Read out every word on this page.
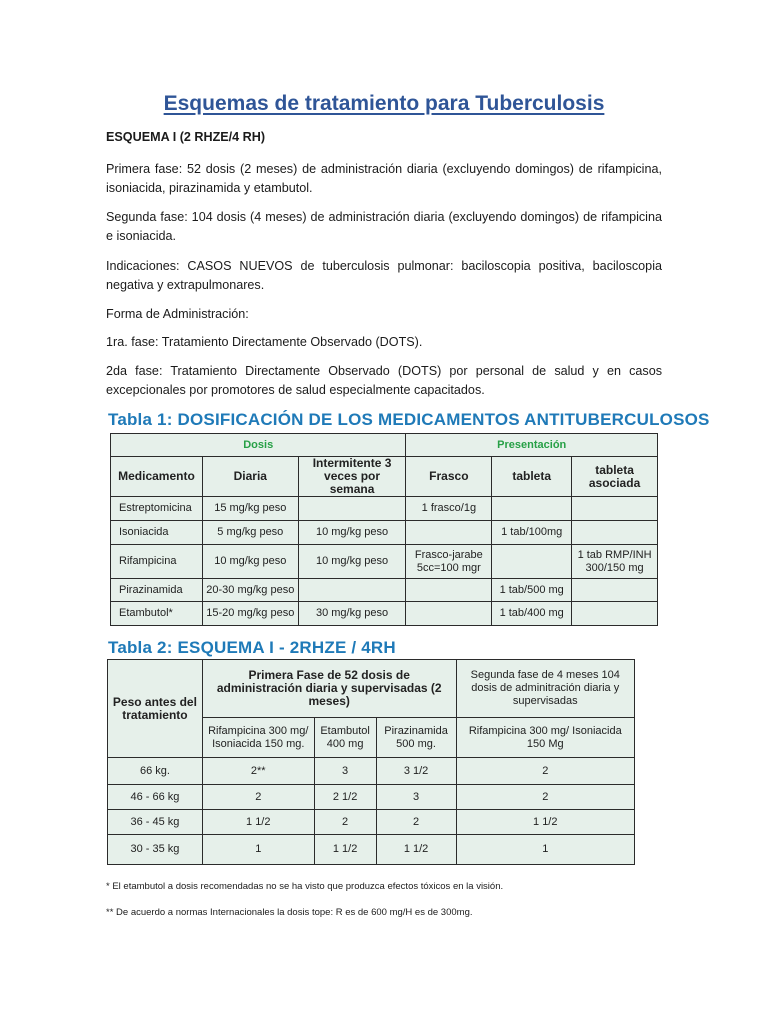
Esquemas de tratamiento para Tuberculosis

ESQUEMA I (2 RHZE/4 RH)

Primera fase: 52 dosis (2 meses) de administración diaria (excluyendo domingos) de rifampicina, isoniacida, pirazinamida y etambutol.

Segunda fase: 104 dosis (4 meses) de administración diaria (excluyendo domingos) de rifampicina e isoniacida.

Indicaciones: CASOS NUEVOS de tuberculosis pulmonar: baciloscopia positiva, baciloscopia negativa y extrapulmonares.

Forma de Administración:

1ra. fase: Tratamiento Directamente Observado (DOTS).

2da fase: Tratamiento Directamente Observado (DOTS) por personal de salud y en casos excepcionales por promotores de salud especialmente capacitados.

Tabla 1: DOSIFICACIÓN DE LOS MEDICAMENTOS ANTITUBERCULOSOS
Dosis			Presentación		
Medicamento	Diaria	Intermitente 3 veces por semana	Frasco	tableta	tableta asociada
Estreptomicina	15 mg/kg peso		1 frasco/1g		
Isoniacida	5 mg/kg peso	10 mg/kg peso		1 tab/100mg	
Rifampicina	10 mg/kg peso	10 mg/kg peso	Frasco-jarabe 5cc=100 mgr		1 tab RMP/INH 300/150 mg
Pirazinamida	20-30 mg/kg peso			1 tab/500 mg	
Etambutol*	15-20 mg/kg peso	30 mg/kg peso		1 tab/400 mg	
Tabla 2: ESQUEMA I - 2RHZE / 4RH
Peso antes del tratamiento	Primera Fase de 52 dosis de administración diaria y supervisadas (2 meses)			Segunda fase de 4 meses 104 dosis de adminitración diaria y supervisadas
	Rifampicina 300 mg/ Isoniacida 150 mg.	Etambutol 400 mg	Pirazinamida 500 mg.	Rifampicina 300 mg/ Isoniacida 150 Mg
66 kg.	2**	3	3 1/2	2
46 - 66 kg	2	2 1/2	3	2
36 - 45 kg	1 1/2	2	2	1 1/2
30 - 35 kg	1	1 1/2	1 1/2	1
* El etambutol a dosis recomendadas no se ha visto que produzca efectos tóxicos en la visión.
** De acuerdo a normas Internacionales la dosis tope: R es de 600 mg/H es de 300mg.
